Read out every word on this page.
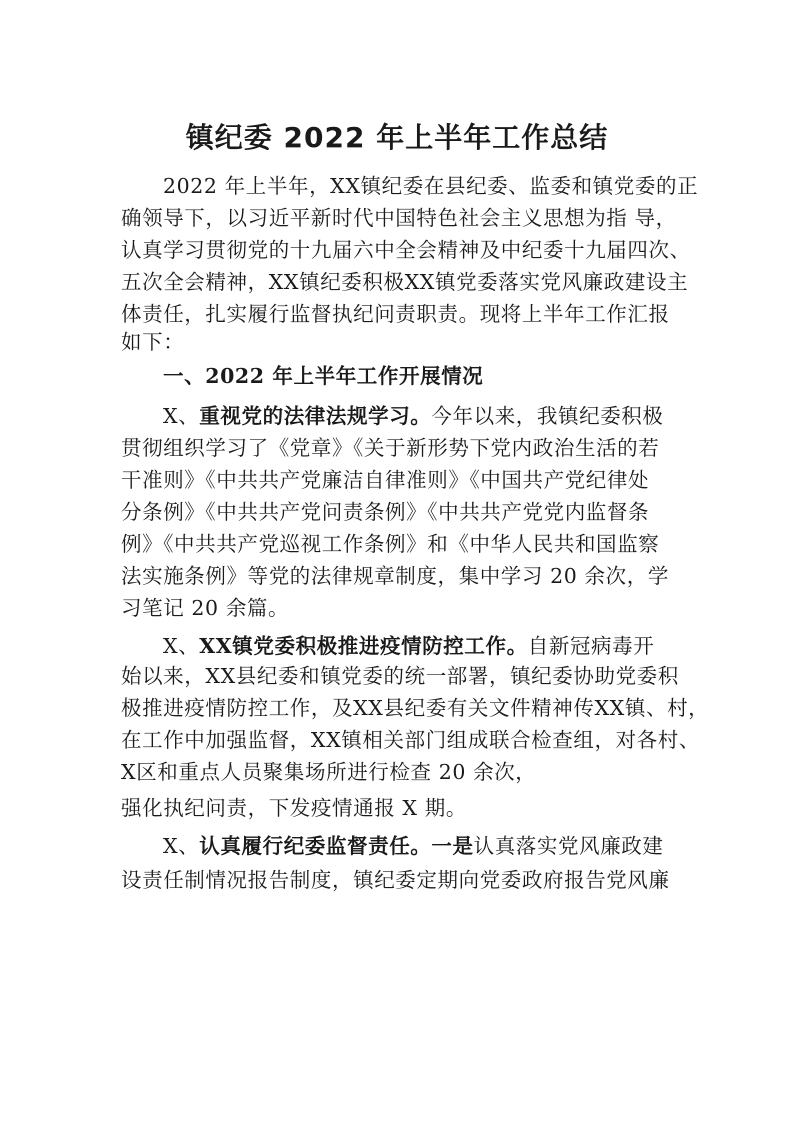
镇纪委 2022 年上半年工作总结
2022 年上半年，XX镇纪委在县纪委、监委和镇党委的正
确领导下，以习近平新时代中国特色社会主义思想为指 导，
认真学习贯彻党的十九届六中全会精神及中纪委十九届四次、
五次全会精神，XX镇纪委积极XX镇党委落实党风廉政建设主
体责任，扎实履行监督执纪问责职责。现将上半年工作汇报
如下：
一、2022 年上半年工作开展情况
X、重视党的法律法规学习。今年以来，我镇纪委积极
贯彻组织学习了《党章》《关于新形势下党内政治生活的若
干准则》《中共共产党廉洁自律准则》《中国共产党纪律处
分条例》《中共共产党问责条例》《中共共产党党内监督条
例》《中共共产党巡视工作条例》和《中华人民共和国监察
法实施条例》等党的法律规章制度，集中学习 20 余次，学
习笔记 20 余篇。
X、XX镇党委积极推进疫情防控工作。自新冠病毒开
始以来，XX县纪委和镇党委的统一部署，镇纪委协助党委积
极推进疫情防控工作，及XX县纪委有关文件精神传XX镇、村，
在工作中加强监督，XX镇相关部门组成联合检查组，对各村、
X区和重点人员聚集场所进行检查 20 余次，
强化执纪问责，下发疫情通报 X 期。
X、认真履行纪委监督责任。一是认真落实党风廉政建
设责任制情况报告制度，镇纪委定期向党委政府报告党风廉
